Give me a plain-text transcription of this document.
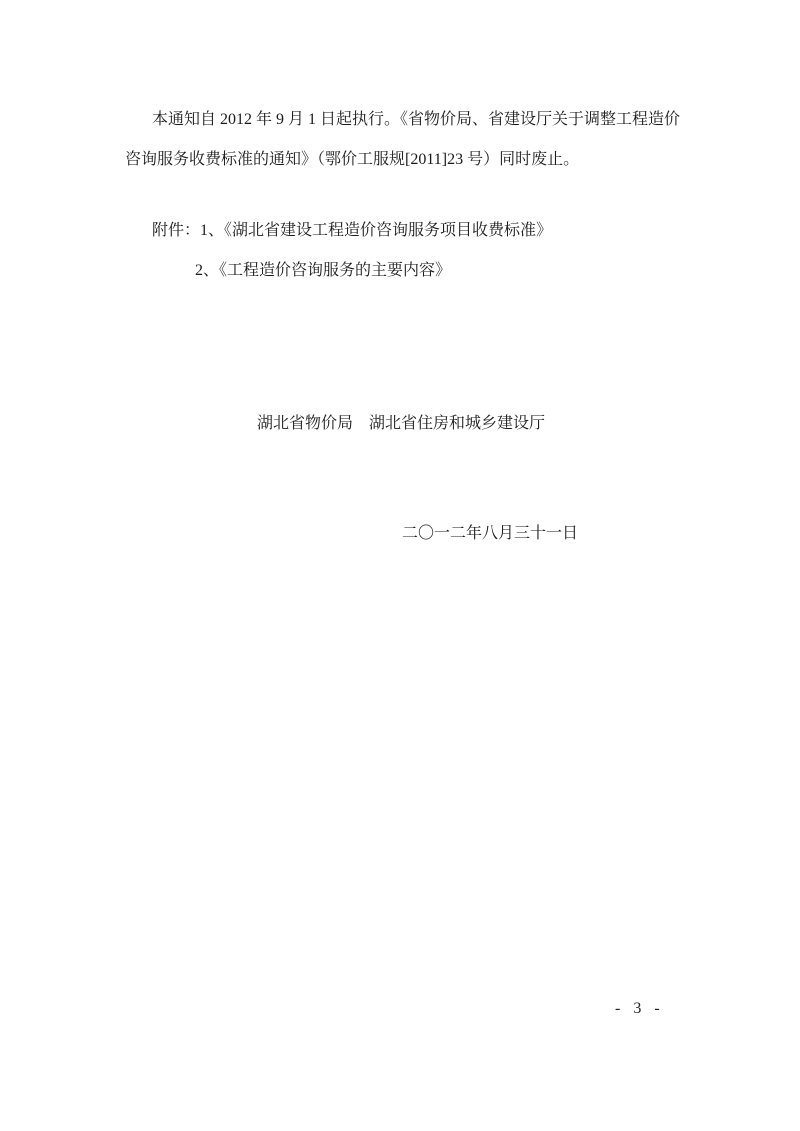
本通知自 2012 年 9 月 1 日起执行。《省物价局、省建设厅关于调整工程造价
咨询服务收费标准的通知》（鄂价工服规[2011]23 号）同时废止。
附件：1、《湖北省建设工程造价咨询服务项目收费标准》
2、《工程造价咨询服务的主要内容》
湖北省物价局　湖北省住房和城乡建设厅
二〇一二年八月三十一日
- 3 -
